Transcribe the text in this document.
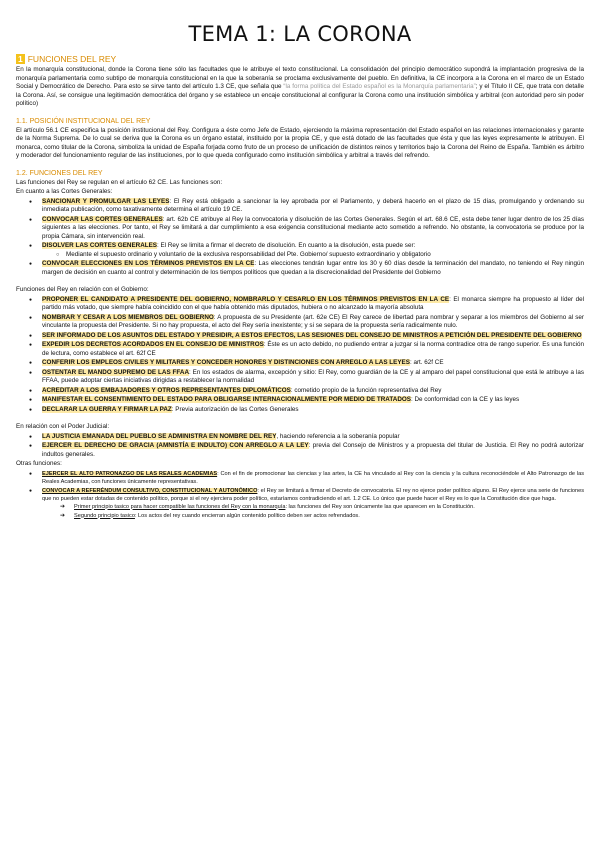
TEMA 1: LA CORONA
1 FUNCIONES DEL REY

En la monarquía constitucional, donde la Corona tiene sólo las facultades que le atribuye el texto constitucional. La consolidación del principio democrático supondrá la implantación progresiva de la monarquía parlamentaria como subtipo de monarquía constitucional en la que la soberanía se proclama exclusivamente del pueblo. En definitiva, la CE incorpora a la Corona en el marco de un Estado Social y Democrático de Derecho. Para esto se sirve tanto del artículo 1.3 CE, que señala que “la forma política del Estado español es la Monarquía parlamentaria”; y el Título II CE, que trata con detalle la Corona. Así, se consigue una legitimación democrática del órgano y se establece un encaje constitucional al configurar la Corona como una institución simbólica y arbitral (con autoridad pero sin poder político)

1.1. POSICIÓN INSTITUCIONAL DEL REY

El artículo 56.1 CE especifica la posición institucional del Rey. Configura a éste como Jefe de Estado, ejerciendo la máxima representación del Estado español en las relaciones internacionales y garante de la Norma Suprema. De lo cual se deriva que la Corona es un órgano estatal, instituido por la propia CE, y que está dotado de las facultades que ésta y que las leyes expresamente le atribuyen. El monarca, como titular de la Corona, simboliza la unidad de España forjada como fruto de un proceso de unificación de distintos reinos y territorios bajo la Corona del Reino de España. También es árbitro y moderador del funcionamiento regular de las instituciones, por lo que queda configurado como institución simbólica y arbitral a través del refrendo.

1.2. FUNCIONES DEL REY

Las funciones del Rey se regulan en el artículo 62 CE. Las funciones son:

En cuanto a las Cortes Generales:

● SANCIONAR Y PROMULGAR LAS LEYES: El Rey está obligado a sancionar la ley aprobada por el Parlamento, y deberá hacerlo en el plazo de 15 días, promulgando y ordenando su inmediata publicación, como taxativamente determina el artículo 19 CE.
● CONVOCAR LAS CORTES GENERALES: art. 62b CE atribuye al Rey la convocatoria y disolución de las Cortes Generales. Según el art. 68.6 CE, esta debe tener lugar dentro de los 25 días siguientes a las elecciones. Por tanto, el Rey se limitará a dar cumplimiento a esa exigencia constitucional mediante acto sometido a refrendo. No obstante, la convocatoria se produce por la propia Cámara, sin intervención real.
● DISOLVER LAS CORTES GENERALES: El Rey se limita a firmar el decreto de disolución. En cuanto a la disolución, esta puede ser:
○ Mediante el supuesto ordinario y voluntario de la exclusiva responsabilidad del Pte. Gobierno/ supuesto extraordinario y obligatorio
● CONVOCAR ELECCIONES EN LOS TÉRMINOS PREVISTOS EN LA CE: Las elecciones tendrán lugar entre los 30 y 60 días desde la terminación del mandato, no teniendo el Rey ningún margen de decisión en cuanto al control y determinación de los tiempos políticos que quedan a la discrecionalidad del Presidente del Gobierno

Funciones del Rey en relación con el Gobierno:

● PROPONER EL CANDIDATO A PRESIDENTE DEL GOBIERNO, NOMBRARLO Y CESARLO EN LOS TÉRMINOS PREVISTOS EN LA CE: El monarca siempre ha propuesto al líder del partido más votado, que siempre había coincidido con el que había obtenido más diputados, hubiera o no alcanzado la mayoría absoluta
● NOMBRAR Y CESAR A LOS MIEMBROS DEL GOBIERNO: A propuesta de su Presidente (art. 62e CE) El Rey carece de libertad para nombrar y separar a los miembros del Gobierno al ser vinculante la propuesta del Presidente. Si no hay propuesta, el acto del Rey sería inexistente; y si se separa de la propuesta sería radicalmente nulo.
● SER INFORMADO DE LOS ASUNTOS DEL ESTADO Y PRESIDIR, A ESTOS EFECTOS, LAS SESIONES DEL CONSEJO DE MINISTROS A PETICIÓN DEL PRESIDENTE DEL GOBIERNO
● EXPEDIR LOS DECRETOS ACORDADOS EN EL CONSEJO DE MINISTROS: Éste es un acto debido, no pudiendo entrar a juzgar si la norma contradice otra de rango superior. Es una función de lectura, como establece el art. 62f CE
● CONFERIR LOS EMPLEOS CIVILES Y MILITARES Y CONCEDER HONORES Y DISTINCIONES CON ARREGLO A LAS LEYES: art. 62f CE
● OSTENTAR EL MANDO SUPREMO DE LAS FFAA: En los estados de alarma, excepción y sitio: El Rey, como guardián de la CE y al amparo del papel constitucional que está le atribuye a las FFAA, puede adoptar ciertas iniciativas dirigidas a restablecer la normalidad
● ACREDITAR A LOS EMBAJADORES Y OTROS REPRESENTANTES DIPLOMÁTICOS: cometido propio de la función representativa del Rey
● MANIFESTAR EL CONSENTIMIENTO DEL ESTADO PARA OBLIGARSE INTERNACIONALMENTE POR MEDIO DE TRATADOS: De conformidad con la CE y las leyes
● DECLARAR LA GUERRA Y FIRMAR LA PAZ: Previa autorización de las Cortes Generales

En relación con el Poder Judicial:

● LA JUSTICIA EMANADA DEL PUEBLO SE ADMINISTRA EN NOMBRE DEL REY, haciendo referencia a la soberanía popular
● EJERCER EL DERECHO DE GRACIA (AMNISTÍA E INDULTO) CON ARREGLO A LA LEY: previa del Consejo de Ministros y a propuesta del titular de Justicia. El Rey no podrá autorizar indultos generales.

Otras funciones:

● EJERCER EL ALTO PATRONAZGO DE LAS REALES ACADEMIAS: Con el fin de promocionar las ciencias y las artes, la CE ha vinculado al Rey con la ciencia y la cultura reconociéndole el Alto Patronazgo de las Reales Academias, con funciones únicamente representativas.
● CONVOCAR A REFERÉNDUM CONSULTIVO, CONSTITUCIONAL Y AUTONÓMICO: el Rey se limitará a firmar el Decreto de convocatoria. El rey no ejerce poder político alguno. El Rey ejerce una serie de funciones que no pueden estar dotadas de contenido político, porque si el rey ejerciera poder político, estaríamos contradiciendo el art. 1.2 CE. Lo único que puede hacer el Rey es lo que la Constitución dice que haga.
➔ Primer principio tasico para hacer compatible las funciones del Rey con la monarquía: las funciones del Rey son únicamente las que aparecen en la Constitución.
➔ Segundo principio tasico: Los actos del rey cuando encierran algún contenido político deben ser actos refrendados.
